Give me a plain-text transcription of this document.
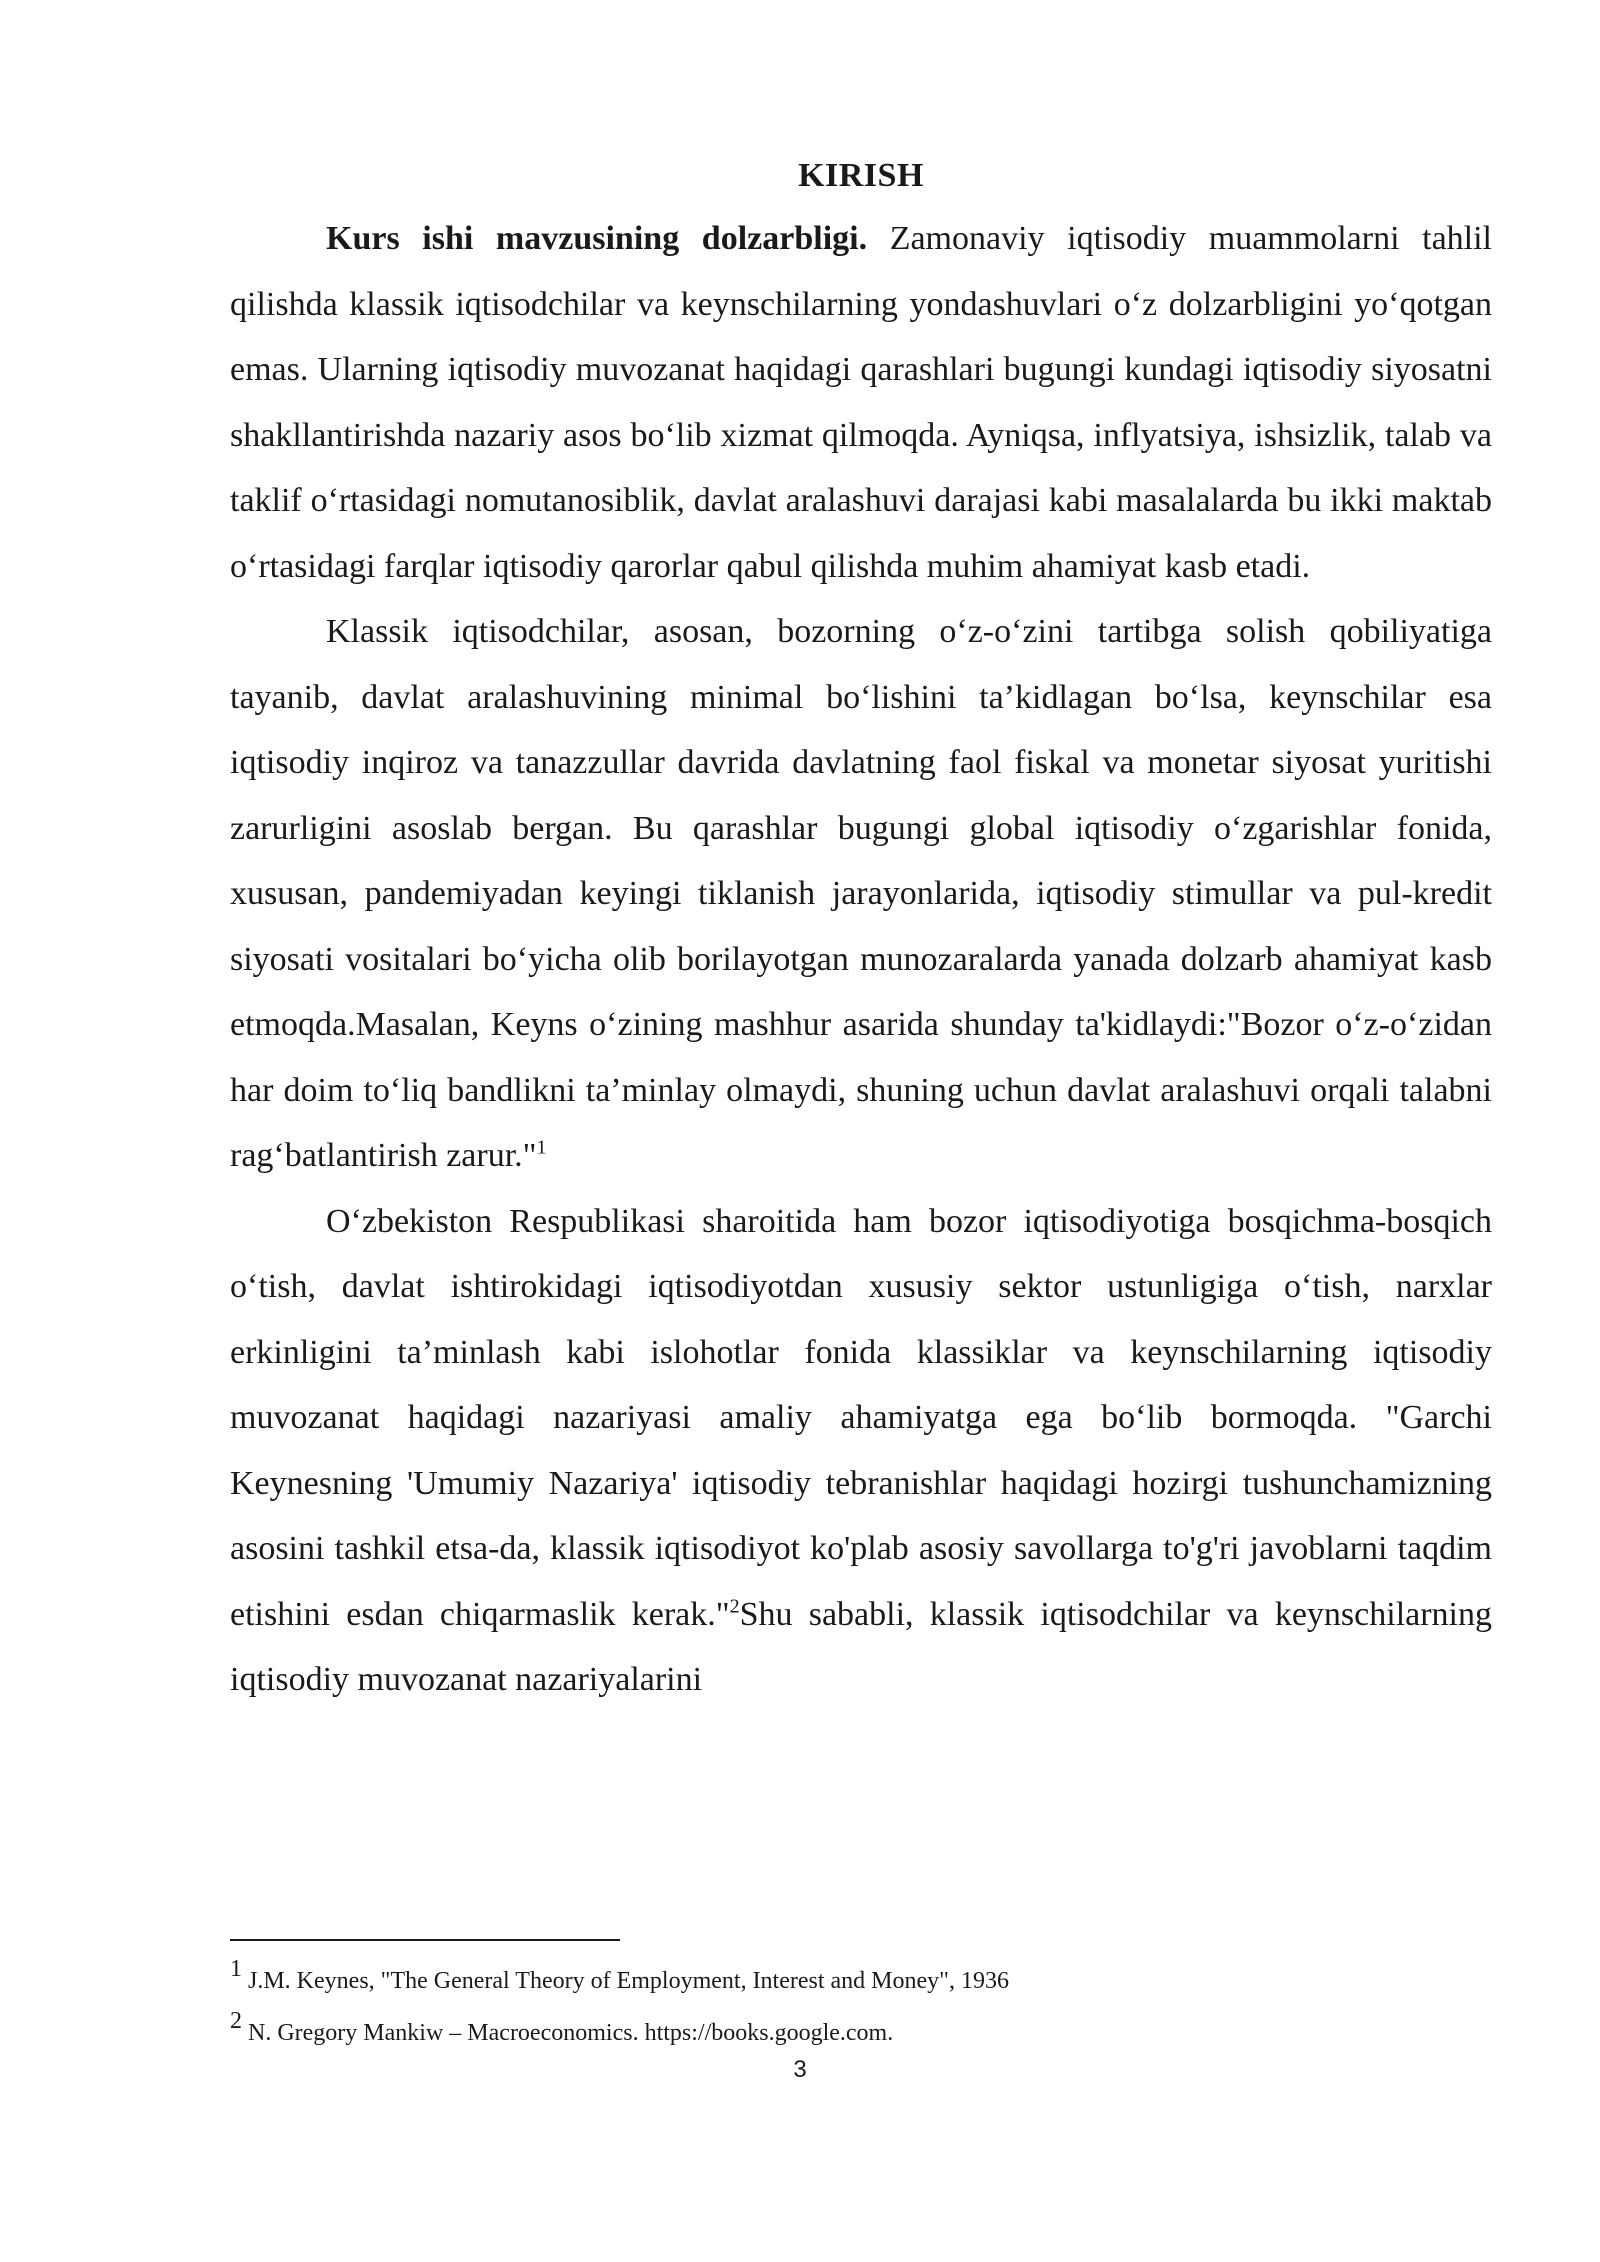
KIRISH

Kurs ishi mavzusining dolzarbligi. Zamonaviy iqtisodiy muammolarni tahlil qilishda klassik iqtisodchilar va keynschilarning yondashuvlari o‘z dolzarbligini yo‘qotgan emas. Ularning iqtisodiy muvozanat haqidagi qarashlari bugungi kundagi iqtisodiy siyosatni shakllantirishda nazariy asos bo‘lib xizmat qilmoqda. Ayniqsa, inflyatsiya, ishsizlik, talab va taklif o‘rtasidagi nomutanosiblik, davlat aralashuvi darajasi kabi masalalarda bu ikki maktab o‘rtasidagi farqlar iqtisodiy qarorlar qabul qilishda muhim ahamiyat kasb etadi.

Klassik iqtisodchilar, asosan, bozorning o‘z-o‘zini tartibga solish qobiliyatiga tayanib, davlat aralashuvining minimal bo‘lishini ta’kidlagan bo‘lsa, keynschilar esa iqtisodiy inqiroz va tanazzullar davrida davlatning faol fiskal va monetar siyosat yuritishi zarurligini asoslab bergan. Bu qarashlar bugungi global iqtisodiy o‘zgarishlar fonida, xususan, pandemiyadan keyingi tiklanish jarayonlarida, iqtisodiy stimullar va pul-kredit siyosati vositalari bo‘yicha olib borilayotgan munozaralarda yanada dolzarb ahamiyat kasb etmoqda.Masalan, Keyns o‘zining mashhur asarida shunday ta'kidlaydi:"Bozor o‘z-o‘zidan har doim to‘liq bandlikni ta’minlay olmaydi, shuning uchun davlat aralashuvi orqali talabni rag‘batlantirish zarur."$^1$

O‘zbekiston Respublikasi sharoitida ham bozor iqtisodiyotiga bosqichma-bosqich o‘tish, davlat ishtirokidagi iqtisodiyotdan xususiy sektor ustunligiga o‘tish, narxlar erkinligini ta’minlash kabi islohotlar fonida klassiklar va keynschilarning iqtisodiy muvozanat haqidagi nazariyasi amaliy ahamiyatga ega bo‘lib bormoqda. "Garchi Keynesning 'Umumiy Nazariya' iqtisodiy tebranishlar haqidagi hozirgi tushunchamizning asosini tashkil etsa-da, klassik iqtisodiyot ko'plab asosiy savollarga to'g'ri javoblarni taqdim etishini esdan chiqarmaslik kerak."$^2$Shu sababli, klassik iqtisodchilar va keynschilarning iqtisodiy muvozanat nazariyalarini

1 J.M. Keynes, "The General Theory of Employment, Interest and Money", 1936

2 N. Gregory Mankiw – Macroeconomics. https://books.google.com.

3
